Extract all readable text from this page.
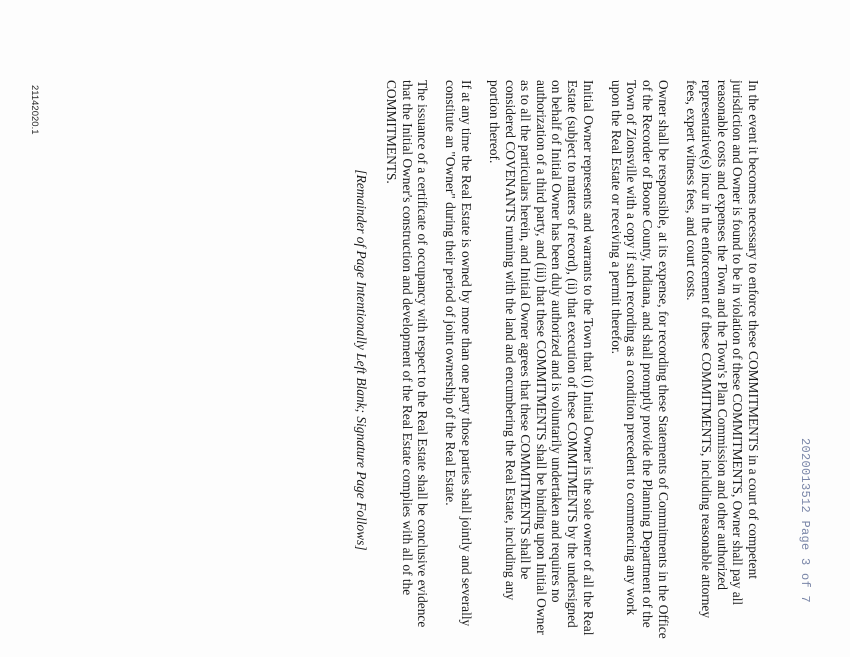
2020013512 Page 3 of 7

In the event it becomes necessary to enforce these COMMITMENTS in a court of competent jurisdiction and Owner is found to be in violation of these COMMITMENTS, Owner shall pay all reasonable costs and expenses the Town and the Town's Plan Commission and other authorized representative(s) incur in the enforcement of these COMMITMENTS, including reasonable attorney fees, expert witness fees, and court costs.

Owner shall be responsible, at its expense, for recording these Statements of Commitments in the Office of the Recorder of Boone County, Indiana, and shall promptly provide the Planning Department of the Town of Zionsville with a copy if such recording as a condition precedent to commencing any work upon the Real Estate or receiving a permit therefor.

Initial Owner represents and warrants to the Town that (i) Initial Owner is the sole owner of all the Real Estate (subject to matters of record), (ii) that execution of these COMMITMENTS by the undersigned on behalf of Initial Owner has been duly authorized and is voluntarily undertaken and requires no authorization of a third party, and (iii) that these COMMITMENTS shall be binding upon Initial Owner as to all the particulars herein, and Initial Owner agrees that these COMMITMENTS shall be considered COVENANTS running with the land and encumbering the Real Estate, including any portion thereof.

If at any time the Real Estate is owned by more than one party those parties shall jointly and severally constitute an "Owner" during their period of joint ownership of the Real Estate.

The issuance of a certificate of occupancy with respect to the Real Estate shall be conclusive evidence that the Initial Owner's construction and development of the Real Estate complies with all of the COMMITMENTS.

[Remainder of Page Intentionally Left Blank; Signature Page Follows]

21142020.1
